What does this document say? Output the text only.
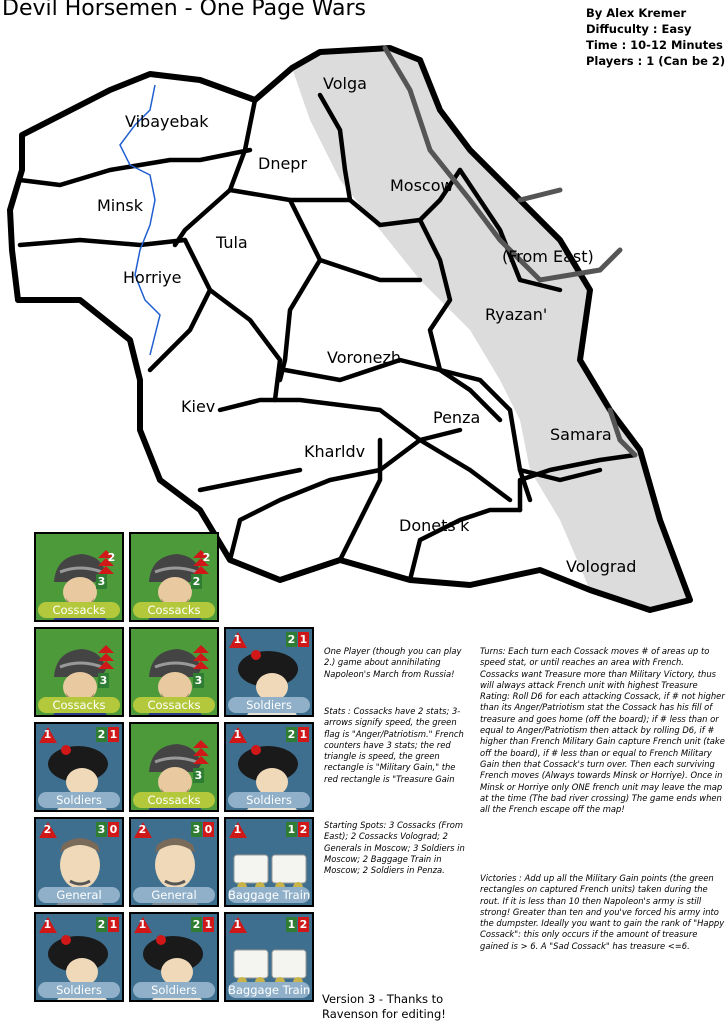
Devil Horsemen - One Page Wars	By Alex Kremer
Diffuculty : Easy
Time : 10-12 Minutes
Players : 1 (Can be 2)
Volga
Vibayebak
Dnepr
Moscow
Minsk
Tula
(From East)
Horriye
Ryazan'
Voronezh
Kiev
Penza
Samara
Kharldv
Donets'k
Volograd
2
3
Cossacks
2
2
Cossacks
3
Cossacks
3
Cossacks
1	2 1
Soldiers
1	2 1
Soldiers
3
Cossacks
1	2 1
Soldiers
2	3 0
General
2	3 0
General
1	1 2
Baggage Train
1	2 1
Soldiers
1	2 1
Soldiers
1	1 2
Baggage Train
One Player (though you can play 2.) game about annihilating Napoleon's March from Russia!
Stats : Cossacks have 2 stats; 3-arrows signify speed, the green flag is "Anger/Patriotism." French counters have 3 stats; the red triangle is speed, the green rectangle is "Military Gain," the red rectangle is "Treasure Gain
Starting Spots: 3 Cossacks (From East); 2 Cossacks Volograd; 2 Generals in Moscow; 3 Soldiers in Moscow; 2 Baggage Train in Moscow; 2 Soldiers in Penza.
Turns: Each turn each Cossack moves # of areas up to speed stat, or until reaches an area with French. Cossacks want Treasure more than Military Victory, thus will always attack French unit with highest Treasure Rating: Roll D6 for each attacking Cossack, if # not higher than its Anger/Patriotism stat the Cossack has his fill of treasure and goes home (off the board); if # less than or equal to Anger/Patriotism then attack by rolling D6, if # higher than French Military Gain capture French unit (take off the board), if # less than or equal to French Military Gain then that Cossack's turn over. Then each surviving French moves (Always towards Minsk or Horriye). Once in Minsk or Horriye only ONE french unit may leave the map at the time (The bad river crossing) The game ends when all the French escape off the map!
Victories : Add up all the Military Gain points (the green rectangles on captured French units) taken during the rout. If it is less than 10 then Napoleon's army is still strong! Greater than ten and you've forced his army into the dumpster. Ideally you want to gain the rank of "Happy Cossack": this only occurs if the amount of treasure gained is > 6. A "Sad Cossack" has treasure <=6.
Version 3 - Thanks to Ravenson for editing!
